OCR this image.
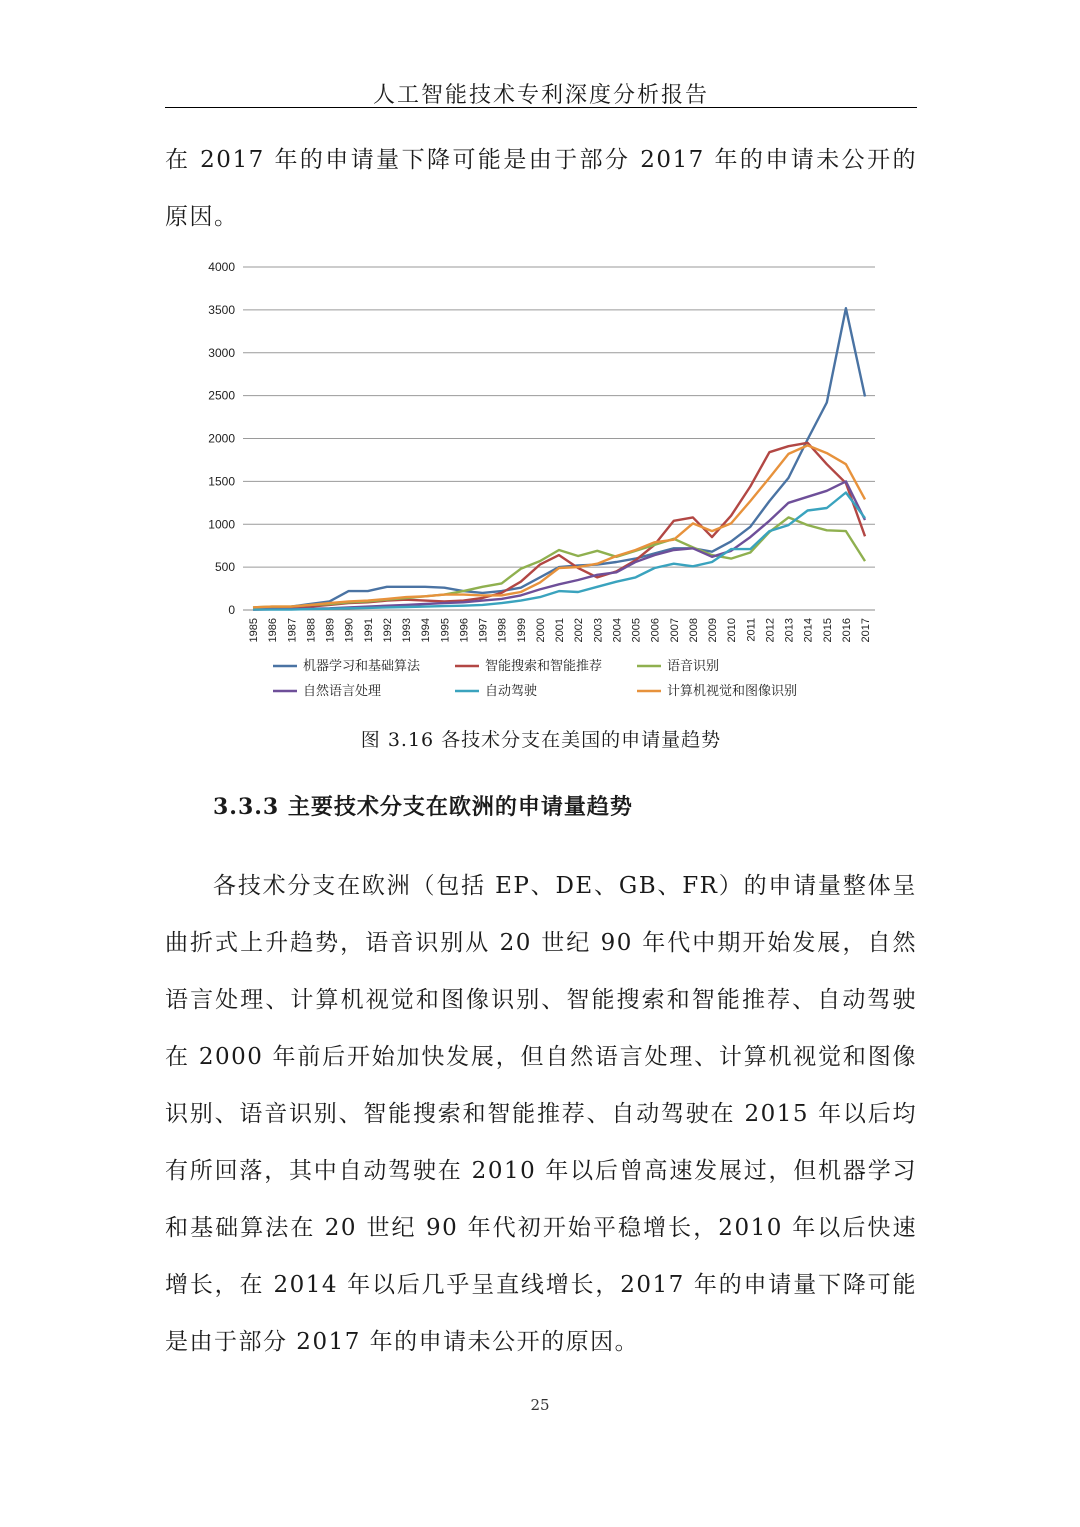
人工智能技术专利深度分析报告

在 2017 年的申请量下降可能是由于部分 2017 年的申请未公开的原因。

0
500
1000
1500
2000
2500
3000
3500
4000
1985 1986 1987 1988 1989 1990 1991 1992 1993 1994 1995 1996 1997 1998 1999 2000 2001 2002 2003 2004 2005 2006 2007 2008 2009 2010 2011 2012 2013 2014 2015 2016 2017
机器学习和基础算法	智能搜索和智能推荐	语音识别
自然语言处理	自动驾驶	计算机视觉和图像识别
图 3.16 各技术分支在美国的申请量趋势
3.3.3 主要技术分支在欧洲的申请量趋势

各技术分支在欧洲（包括 EP、DE、GB、FR）的申请量整体呈曲折式上升趋势，语音识别从 20 世纪 90 年代中期开始发展，自然语言处理、计算机视觉和图像识别、智能搜索和智能推荐、自动驾驶在 2000 年前后开始加快发展，但自然语言处理、计算机视觉和图像识别、语音识别、智能搜索和智能推荐、自动驾驶在 2015 年以后均有所回落，其中自动驾驶在 2010 年以后曾高速发展过，但机器学习和基础算法在 20 世纪 90 年代初开始平稳增长，2010 年以后快速增长，在 2014 年以后几乎呈直线增长，2017 年的申请量下降可能是由于部分 2017 年的申请未公开的原因。

25
